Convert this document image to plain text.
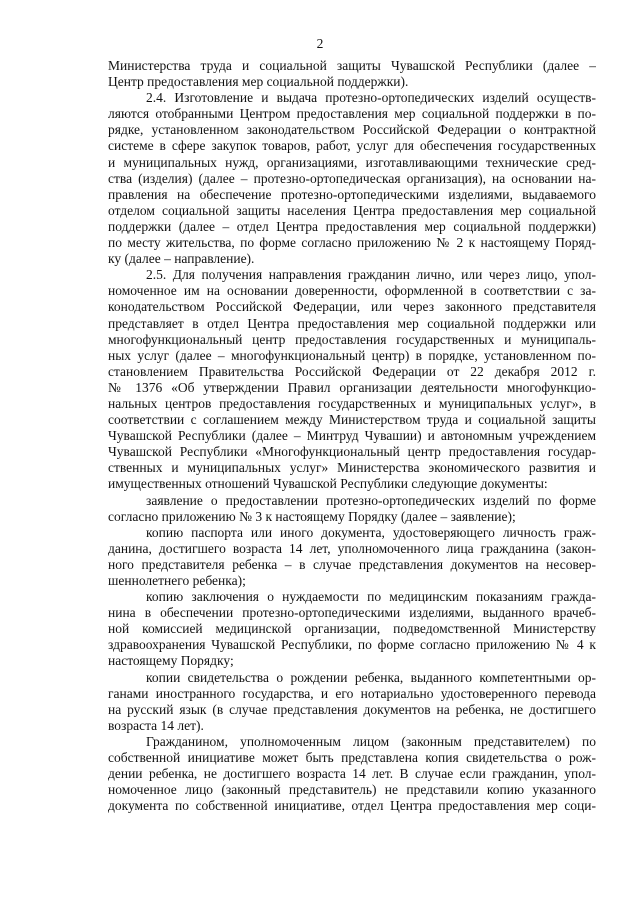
2
Министерства труда и социальной защиты Чувашской Республики (далее –
Центр предоставления мер социальной поддержки).
2.4. Изготовление и выдача протезно-ортопедических изделий осуществ-
ляются отобранными Центром предоставления мер социальной поддержки в по-
рядке, установленном законодательством Российской Федерации о контрактной
системе в сфере закупок товаров, работ, услуг для обеспечения государственных
и муниципальных нужд, организациями, изготавливающими технические сред-
ства (изделия) (далее – протезно-ортопедическая организация), на основании на-
правления на обеспечение протезно-ортопедическими изделиями, выдаваемого
отделом социальной защиты населения Центра предоставления мер социальной
поддержки (далее – отдел Центра предоставления мер социальной поддержки)
по месту жительства, по форме согласно приложению № 2 к настоящему Поряд-
ку (далее – направление).
2.5. Для получения направления гражданин лично, или через лицо, упол-
номоченное им на основании доверенности, оформленной в соответствии с за-
конодательством Российской Федерации, или через законного представителя
представляет в отдел Центра предоставления мер социальной поддержки или
многофункциональный центр предоставления государственных и муниципаль-
ных услуг (далее – многофункциональный центр) в порядке, установленном по-
становлением Правительства Российской Федерации от 22 декабря 2012 г.
№ 1376 «Об утверждении Правил организации деятельности многофункцио-
нальных центров предоставления государственных и муниципальных услуг», в
соответствии с соглашением между Министерством труда и социальной защиты
Чувашской Республики (далее – Минтруд Чувашии) и автономным учреждением
Чувашской Республики «Многофункциональный центр предоставления государ-
ственных и муниципальных услуг» Министерства экономического развития и
имущественных отношений Чувашской Республики следующие документы:
заявление о предоставлении протезно-ортопедических изделий по форме
согласно приложению № 3 к настоящему Порядку (далее – заявление);
копию паспорта или иного документа, удостоверяющего личность граж-
данина, достигшего возраста 14 лет, уполномоченного лица гражданина (закон-
ного представителя ребенка – в случае представления документов на несовер-
шеннолетнего ребенка);
копию заключения о нуждаемости по медицинским показаниям гражда-
нина в обеспечении протезно-ортопедическими изделиями, выданного врачеб-
ной комиссией медицинской организации, подведомственной Министерству
здравоохранения Чувашской Республики, по форме согласно приложению № 4 к
настоящему Порядку;
копии свидетельства о рождении ребенка, выданного компетентными ор-
ганами иностранного государства, и его нотариально удостоверенного перевода
на русский язык (в случае представления документов на ребенка, не достигшего
возраста 14 лет).
Гражданином, уполномоченным лицом (законным представителем) по
собственной инициативе может быть представлена копия свидетельства о рож-
дении ребенка, не достигшего возраста 14 лет. В случае если гражданин, упол-
номоченное лицо (законный представитель) не представили копию указанного
документа по собственной инициативе, отдел Центра предоставления мер соци-
